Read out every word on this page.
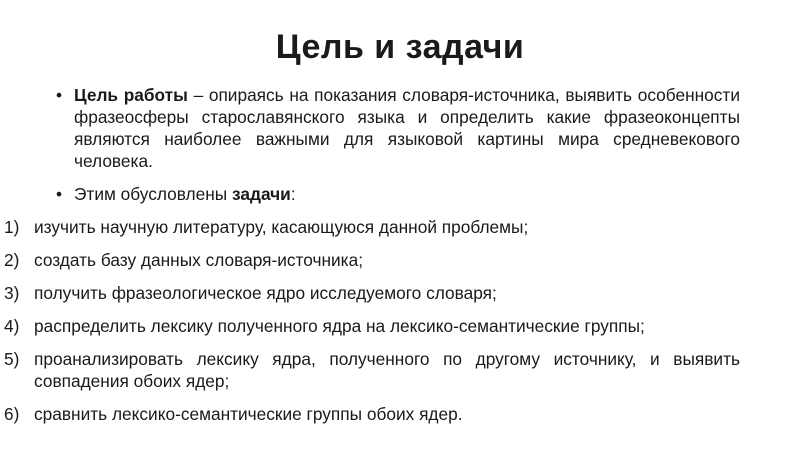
Цель и задачи
• Цель работы – опираясь на показания словаря-источника, выявить особенности фразеосферы старославянского языка и определить какие фразеоконцепты являются наиболее важными для языковой картины мира средневекового человека.
• Этим обусловлены задачи:
1) изучить научную литературу, касающуюся данной проблемы;
2) создать базу данных словаря-источника;
3) получить фразеологическое ядро исследуемого словаря;
4) распределить лексику полученного ядра на лексико-семантические группы;
5) проанализировать лексику ядра, полученного по другому источнику, и выявить совпадения обоих ядер;
6) сравнить лексико-семантические группы обоих ядер.
